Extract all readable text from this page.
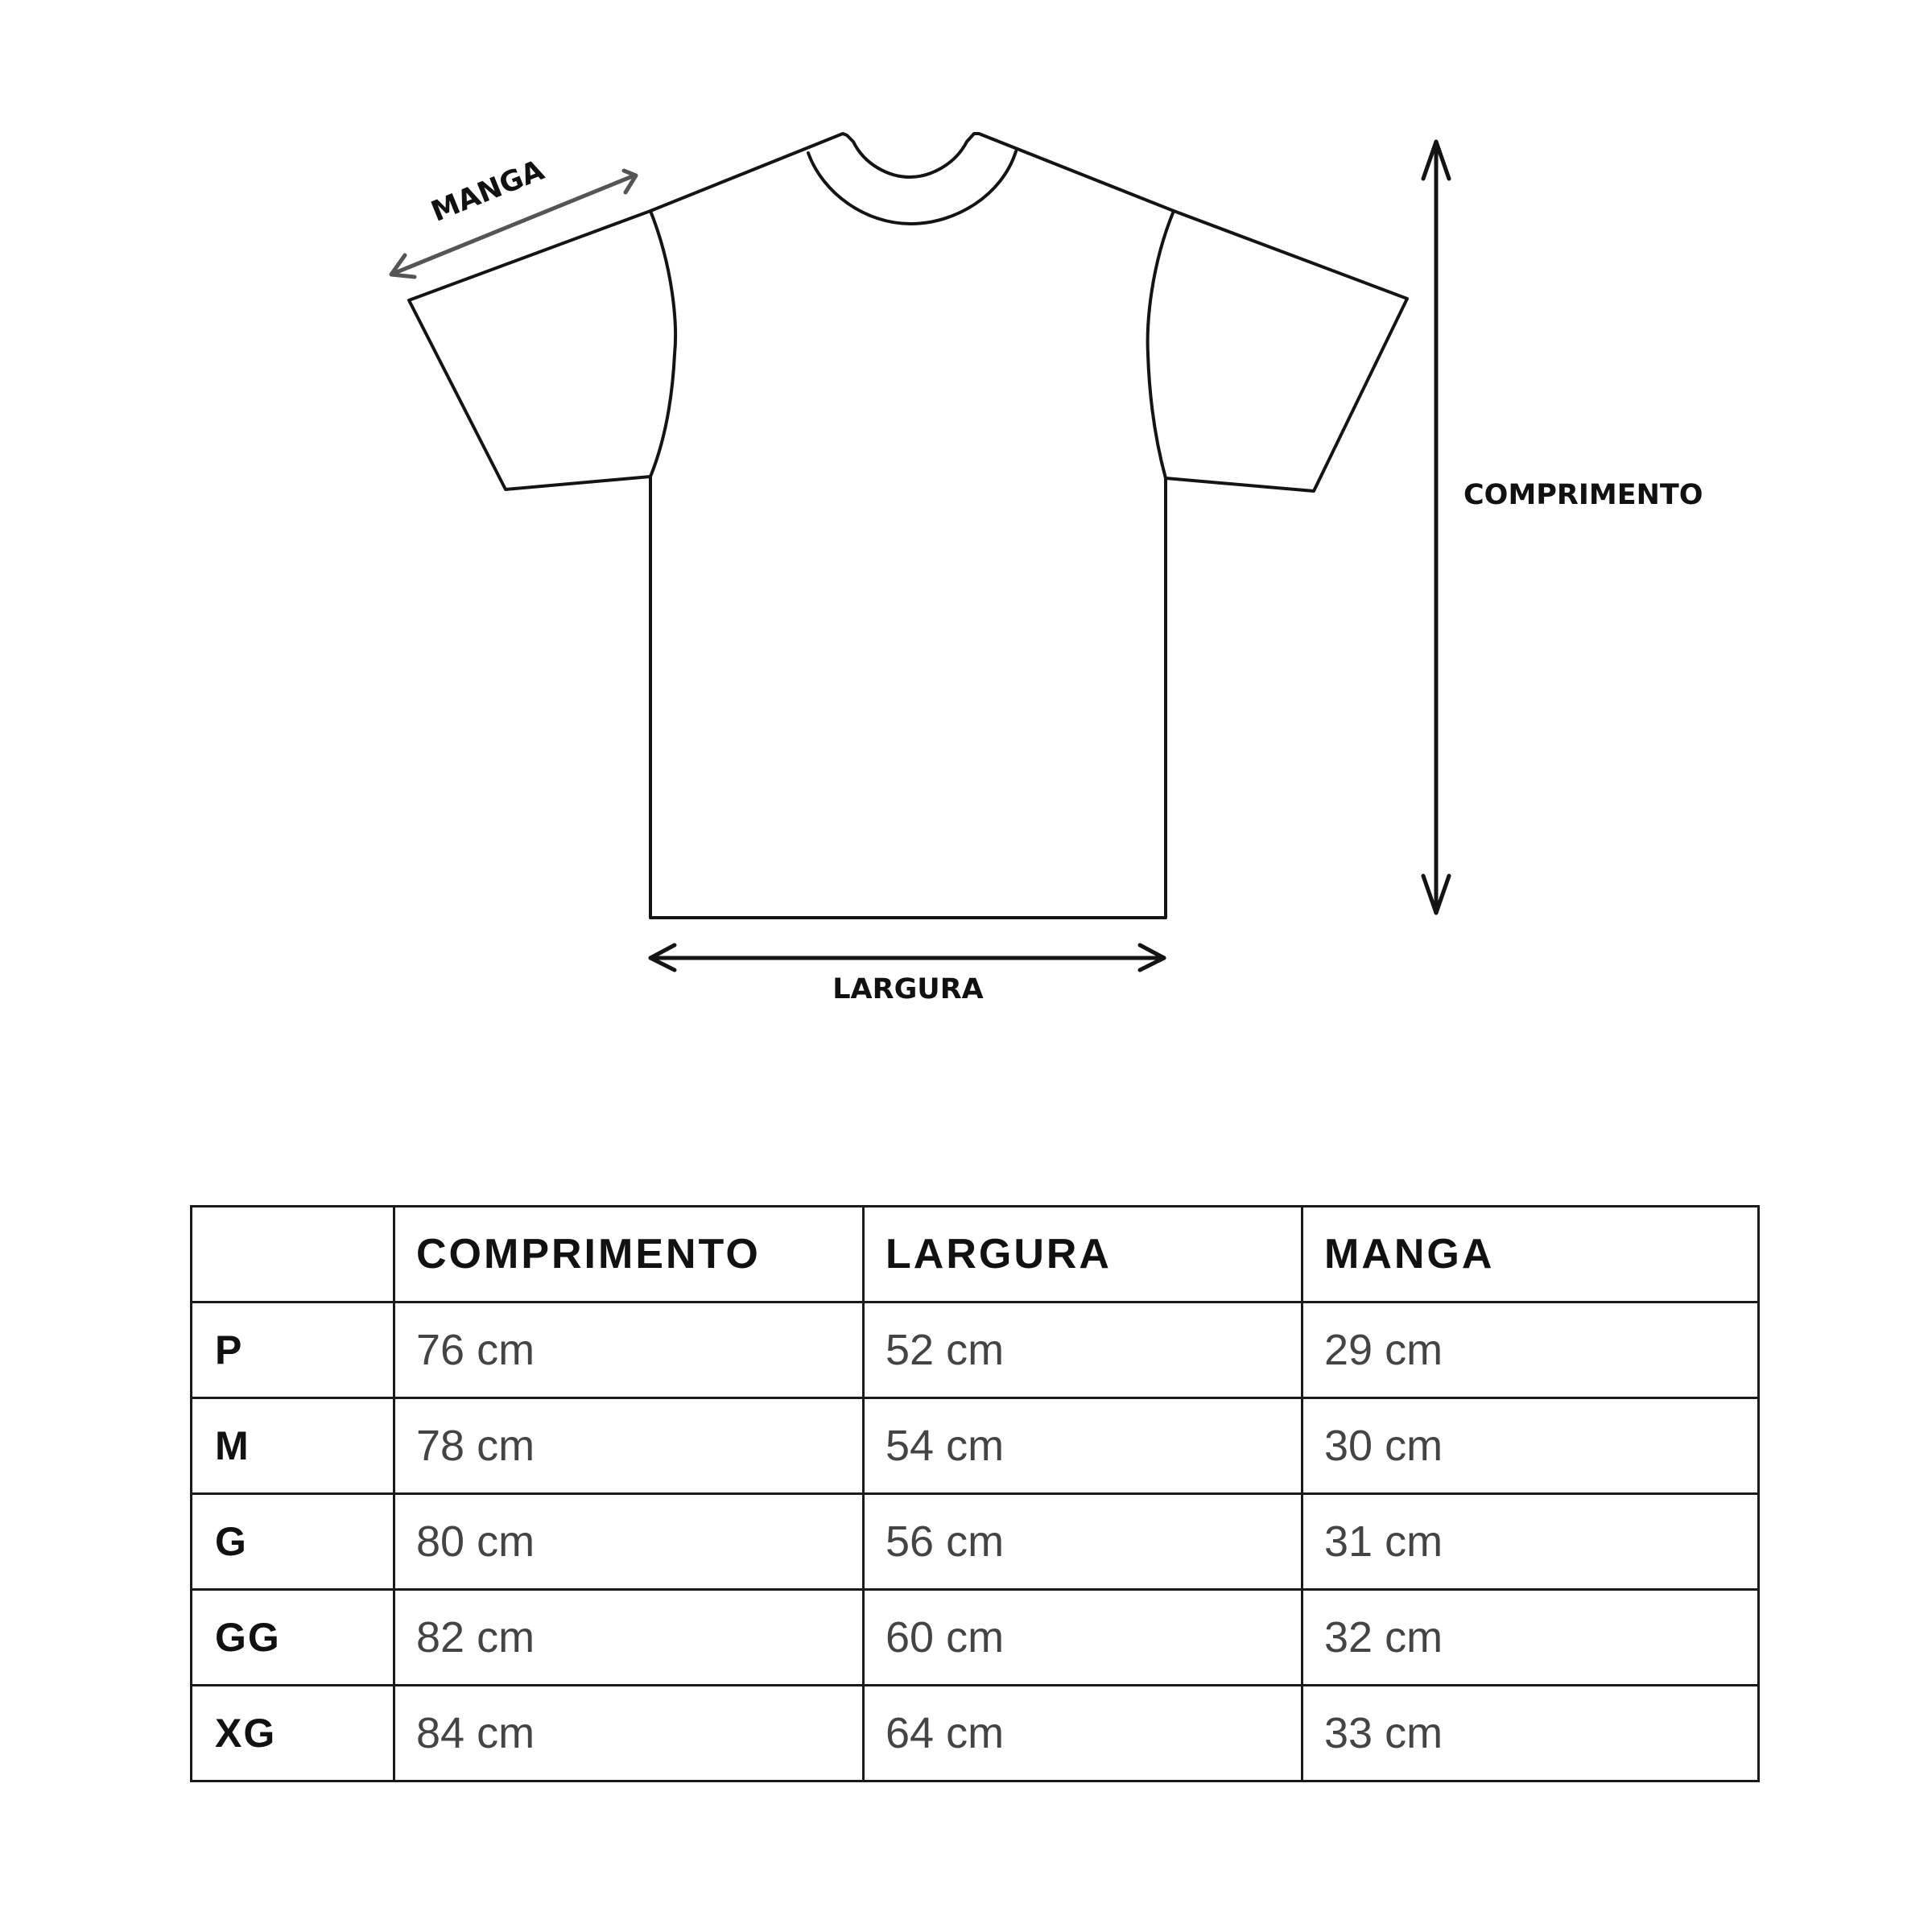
MANGA
COMPRIMENTO
LARGURA
	COMPRIMENTO	LARGURA	MANGA
P	76 cm	52 cm	29 cm
M	78 cm	54 cm	30 cm
G	80 cm	56 cm	31 cm
GG	82 cm	60 cm	32 cm
XG	84 cm	64 cm	33 cm
